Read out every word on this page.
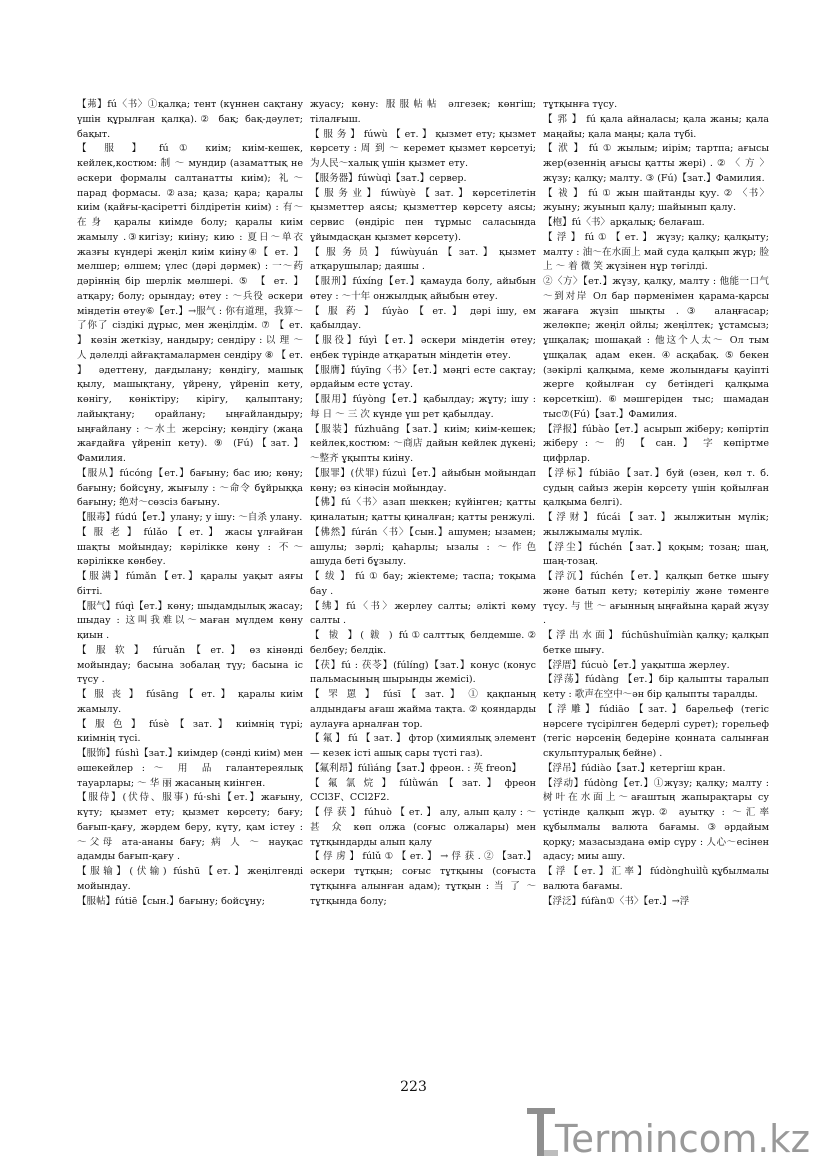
【茀】fú〈书〉①қалқа; тент (күннен сақтану үшін құрылған қалқа).② бақ; бақ-дәулет; бақыт.

【 服 】 fú ① киім; киім-кешек, кейлек,костюм: 制 ～ мундир (азаматтық не әскери формалы салтанатты киім); 礼～парад формасы. ②аза; қаза; қара; қаралы киім (қайғы-қасіретті білдіретін киім) : 有～在身 қаралы киімде болу; қаралы киім жамылу .③кигізу; киіну; кию : 夏日～单衣 жазғы күндері жеңіл киім киіну④【 ет. 】 мелшер; өлшем; үлес (дәрі дәрмек) : 一～药 дәріннің бір шерлік мөлшері. ⑤ 【 ет. 】 атқару; болу; орындау; өтеу : ～兵役 әскери міндетін өтеу⑥【ет.】→服气 : 你有道理，我算～了你了 сіздікі дұрыс, мен жеңілдім. ⑦ 【 ет. 】 көзін жеткізу, нандыру; сендіру : 以 理 ～ 人 дәлелді айғақтамалармен сендіру ⑧ 【 ет. 】 әдеттену, дағдылану; көндігу, машық қылу, машықтану, үйрену, үйреніп кету, көнігу, көніктіру; кірігу, қалыптану; лайықтану; орайлану; ыңғайландыру; ыңғайлану : ～水土 жерсіну; көндігу (жаңа жағдайға үйреніп кету). ⑨ (Fú)【зат.】Фамилия.

【服从】fúcóng【ет.】бағыну; бас ию; көну; бағыну; бойсұну, жығылу : ～命令 бұйрыққа бағыну; 绝对～сөзсіз бағыну.

【服毒】fúdú【ет.】улану; у ішу: ～自杀 улану.

【 服 老 】 fúlǎo 【 ет. 】 жасы ұлғайған шақты мойындау; кәрілікке көну : 不～ кәрілікке көнбеу.

【服满】fúmǎn【ет.】қаралы уақыт аяғы бітті.

【服气】fúqì【ет.】көну; шыдамдылық жасау; шыдау : 这叫我难以～маған мүлдем көну қиын .

【 服 软 】 fúruǎn 【 ет. 】 өз кінәнді мойындау; басына зобалаң түу; басына іс түсу .

【 服 丧 】 fúsāng 【 ет. 】 қаралы киім жамылу.

【 服 色 】 fúsè 【 зат. 】 киімнің түрі; киімнің түсі.

【服饰】fúshì【зат.】киімдер (сәнді киім) мен әшекейлер : ～ 用 品 галантереялық тауарлары; ～ 华 丽 жасаның киінген.

【服侍】(伏侍、服事) fú·shi【ет.】жағыну, күту; қызмет ету; қызмет көрсету; бағу; бағып-қағу, жәрдем беру, күту, қам істеу : ～父母 ата-ананы бағу; 病 人 ～ науқас адамды бағып-қағу .

【服输】(伏输) fúshū【ет.】жеңілгенді мойындау.

【服帖】fútiē【сын.】бағыну; бойсұну;

жуасу; көну: 服服帖帖 әлгезек; көнгіш; тілалғыш.

【 服 务 】 fúwù 【 ет. 】 қызмет ету; қызмет көрсету : 周 到 ～ керемет қызмет көрсетуі; 为人民～халық үшін қызмет ету.

【服务器】fúwùqì【зат.】сервер.

【服务业】fúwùyè【зат.】көрсетілетін қызметтер аясы; қызметтер көрсету аясы; сервис (өндіріс пен тұрмыс саласында ұйымдасқан қызмет көрсету).

【 服 务 员 】 fúwùyuán 【 зат. 】 қызмет атқарушылар; даяшы .

【服刑】fúxíng【ет.】қамауда болу, айыбын өтеу : ～十年 онжылдық айыбын өтеу.

【 服 药 】 fúyào 【 ет. 】 дәрі ішу, ем қабылдау.

【服役】fúyì【ет.】әскери міндетін өтеу; еңбек түрінде атқаратын міндетін өтеу.

【服膺】fúyīng〈书〉【ет.】мәңгі есте сақтау; әрдайым есте ұстау.

【服用】fúyòng【ет.】қабылдау; жұту; ішу : 每 日 ～ 三 次 күнде үш рет қабылдау.

【服装】fúzhuāng【зат.】киім; киім-кешек; кейлек,костюм: ～商店 дайын кейлек дүкені; ～整齐 ұқыпты киіну.

【服罪】(伏罪) fúzuì【ет.】айыбын мойындап көну; өз кінәсін мойындау.

【佛】fú〈书〉азап шеккен; күйінген; қатты қиналатын; қатты қиналған; қатты ренжулі.

【佛然】fúrán〈书〉【сын.】ашумен; ызамен; ашулы; зәрлі; қаһарлы; ызалы : ～作色 ашуда беті бұзылу.

【 绂 】 fú ① бау; жіектеме; таспа; тоқыма бау .

【绋】fú〈书〉жерлеу салты; әлікті көму салты .

【 韨 】( 韍 ) fú①салттық белдемше.② белбеу; белдік.

【茯】fú : 茯苓】(fúlíng)【зат.】конус (конус пальмасының шырынды жемісі).

【 罘 罳 】 fúsī 【 зат. 】 ① қақпаның алдындағы ағаш жайма тақта. ② қояндарды аулауға арналған тор.

【 氟 】 fú 【 зат. 】 фтор (химиялық элемент — кезек істі ашық сары түсті газ).

【氟利昂】fúlìáng【зат.】фреон. : 英 freon】

【 氟 氯 烷 】 fúlǜwán 【 зат. 】 фреон CCl3F、CCl2F2.

【 俘 获 】 fúhuò 【 ет. 】 алу, алып қалу : ～ 甚 众 көп олжа (соғыс олжалары) мен тұтқындарды алып қалу

【 俘 虏 】 fúlǔ ① 【 ет. 】 → 俘 获 . ② 【зат.】әскери тұтқын; соғыс тұтқыны (соғыста тұтқынға алынған адам); тұтқын : 当 了 ～ тұтқында болу;

тұтқынға түсу.

【 郛 】 fú қала айналасы; қала жаны; қала маңайы; қала маңы; қала түбі.

【 洑 】 fú ① жылым; иірім; тартпа; ағысы жер(өзеннің ағысы қатты жері) . ② 〈 方 〉 жүзу; қалқу; малту. ③ (Fú)【зат.】Фамилия.

【 祓 】 fú ① жын шайтанды қуу. ② 〈书〉жуыну; жуынып қалу; шайынып қалу.

【枹】fú〈书〉арқалық; белағаш.

【 浮 】 fú ① 【 ет. 】 жүзу; қалқу; қалқыту; малту : 油～在水面上 май суда қалқып жүр; 脸 上 ～ 着 微 笑 жүзінен нұр төгілді.

②〈方〉【ет.】жүзу, қалқу, малту : 他能一口气～到对岸 Ол бар пәрменімен қарама-қарсы жағаға жүзіп шықты .③ алаңғасар; желөкпе; жеңіл ойлы; жеңілтек; ұстамсыз; ұшқалақ; шошақай : 他这个人太～ Ол тым ұшқалақ адам екен.④асқабақ.⑤бекен (зәкірлі қалқыма, кеме жолындағы қауіпті жерге қойылған су бетіндегі қалқыма көрсеткіш).⑥мәшгеріден тыс; шамадан тыс⑦(Fú)【зат.】Фамилия.

【浮报】fúbào【ет.】асырып жіберу; көпіртіп жіберу : ～ 的 【 сан. 】 字 көпіртме цифрлар.

【浮标】fúbiāo【зат.】буй (өзен, көл т. б. судың сайыз жерін көрсету үшін қойылған қалқыма белгі).

【浮财】fúcái【зат.】жылжитын мүлік; жылжымалы мүлік.

【浮尘】fúchén【зат.】қоқым; тозаң; шаң, шаң-тозаң.

【浮沉】fúchén【ет.】қалқып бетке шығу және батып кету; көтеріліу және төменге түсу. 与 世 ～ ағынның ыңғайына қарай жүзу .

【 浮 出 水 面 】 fúchūshuǐmiàn қалқу; қалқып бетке шығу.

【浮厝】fúcuò【ет.】уақытша жерлеу.

【浮荡】fúdàng 【ет.】бір қалыпты таралып кету : 歌声在空中～ән бір қалыпты таралды.

【浮雕】fúdiāo【зат.】барельеф (тегіс нәрсеге түсірілген бедерлі сурет); горельеф (тегіс нәрсенің бедеріне қонната салынған скульптуралық бейне) .

【浮吊】fúdiào【зат.】кетергіш кран.

【浮动】fúdòng【ет.】①жүзу; қалқу; малту : 树叶在水面上～ағаштың жапырақтары су үстінде қалқып жүр.② ауытқу : ～汇率 құбылмалы валюта бағамы.③әрдайым қорқу; мазасыздана өмір сүру : 人心～есінен адасу; миы ашу.

【 浮 【 ет. 】 汇 率 】 fúdònghuìlǜ құбылмалы валюта бағамы.

【浮泛】fúfàn①〈书〉【ет.】→浮

223
Termincom.kz
